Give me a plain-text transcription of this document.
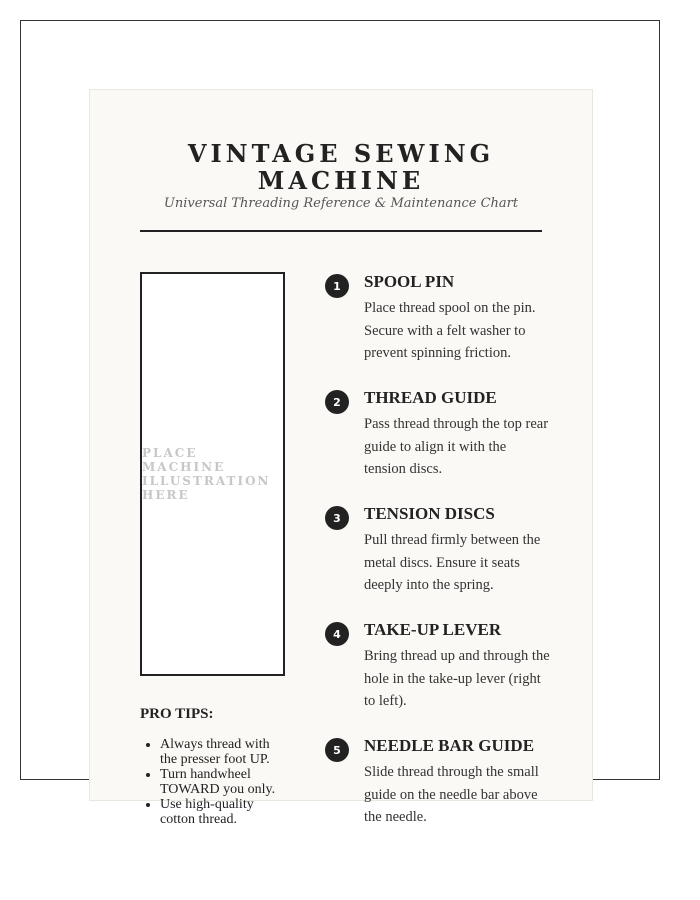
VINTAGE SEWING MACHINE

Universal Threading Reference & Maintenance Chart

PLACE MACHINE ILLUSTRATION HERE

PRO TIPS:

• Always thread with the presser foot UP.
• Turn handwheel TOWARD you only.
• Use high-quality cotton thread.
1	SPOOL PIN

Place thread spool on the pin. Secure with a felt washer to prevent spinning friction.

2	THREAD GUIDE

Pass thread through the top rear guide to align it with the tension discs.

3	TENSION DISCS

Pull thread firmly between the metal discs. Ensure it seats deeply into the spring.

4	TAKE-UP LEVER

Bring thread up and through the hole in the take-up lever (right to left).

5	NEEDLE BAR GUIDE

Slide thread through the small guide on the needle bar above the needle.
